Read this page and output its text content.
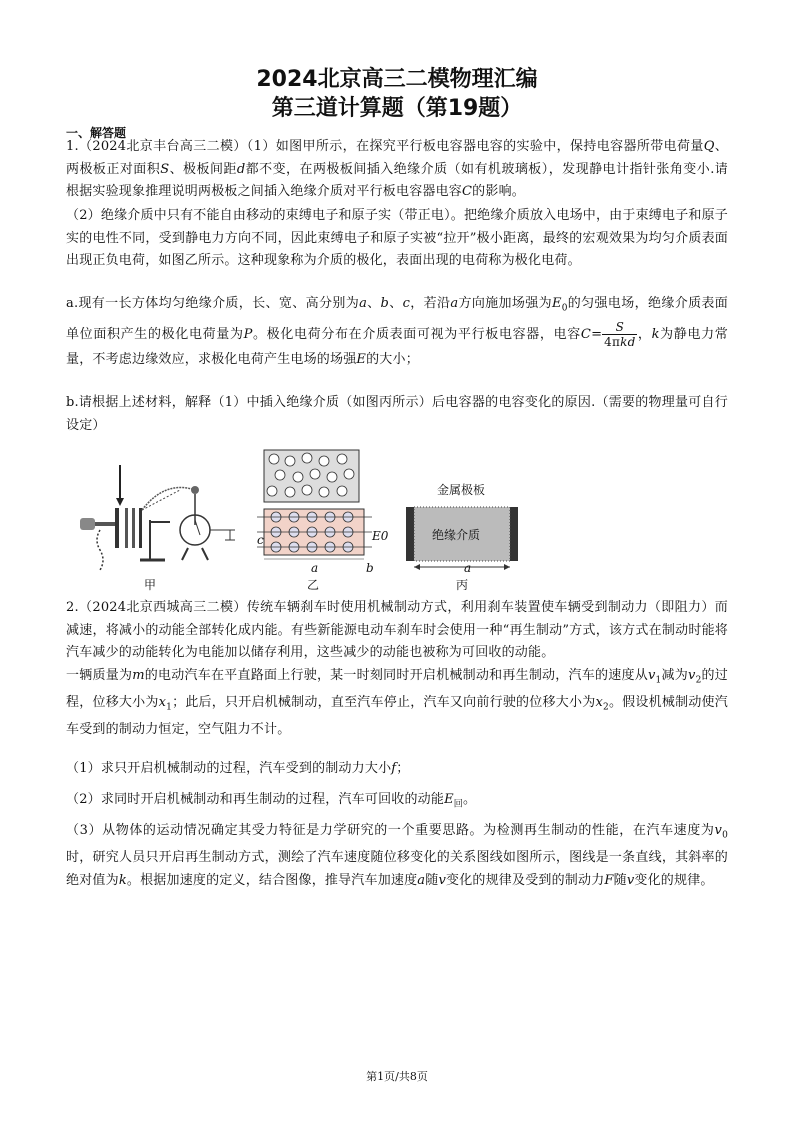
2024北京高三二模物理汇编
第三道计算题（第19题）
一、解答题
1.（2024北京丰台高三二模）（1）如图甲所示，在探究平行板电容器电容的实验中，保持电容器所带电荷量Q、两极板正对面积S、极板间距d都不变，在两极板间插入绝缘介质（如有机玻璃板），发现静电计指针张角变小.请根据实验现象推理说明两极板之间插入绝缘介质对平行板电容器电容C的影响。
（2）绝缘介质中只有不能自由移动的束缚电子和原子实（带正电）。把绝缘介质放入电场中，由于束缚电子和原子实的电性不同，受到静电力方向不同，因此束缚电子和原子实被“拉开”极小距离，最终的宏观效果为均匀介质表面出现正负电荷，如图乙所示。这种现象称为介质的极化，表面出现的电荷称为极化电荷。
a.现有一长方体均匀绝缘介质，长、宽、高分别为a、b、c，若沿a方向施加场强为$E_0$的匀强电场，绝缘介质表面单位面积产生的极化电荷量为P。极化电荷分布在介质表面可视为平行板电容器，电容$C= \frac{S}{\text{4πkd}}$ ，k为静电力常量，不考虑边缘效应，求极化电荷产生电场的场强E的大小；
b.请根据上述材料，解释（1）中插入绝缘介质（如图丙所示）后电容器的电容变化的原因.（需要的物理量可自行设定）
甲
c	E0
a	b
乙
金属极板
绝缘介质
a
丙
2.（2024北京西城高三二模）传统车辆刹车时使用机械制动方式，利用刹车装置使车辆受到制动力（即阻力）而减速，将减小的动能全部转化成内能。有些新能源电动车刹车时会使用一种“再生制动”方式，该方式在制动时能将汽车减少的动能转化为电能加以储存利用，这些减少的动能也被称为可回收的动能。
一辆质量为m的电动汽车在平直路面上行驶，某一时刻同时开启机械制动和再生制动，汽车的速度从$v_1$减为$v_2$的过程，位移大小为$x_1$；此后，只开启机械制动，直至汽车停止，汽车又向前行驶的位移大小为$x_2$。假设机械制动使汽车受到的制动力恒定，空气阻力不计。
（1）求只开启机械制动的过程，汽车受到的制动力大小f；
（2）求同时开启机械制动和再生制动的过程，汽车可回收的动能$E_回$。
（3）从物体的运动情况确定其受力特征是力学研究的一个重要思路。为检测再生制动的性能，在汽车速度为$v_0$时，研究人员只开启再生制动方式，测绘了汽车速度随位移变化的关系图线如图所示，图线是一条直线，其斜率的绝对值为k。根据加速度的定义，结合图像，推导汽车加速度a随v变化的规律及受到的制动力F随v变化的规律。
第1页/共8页
